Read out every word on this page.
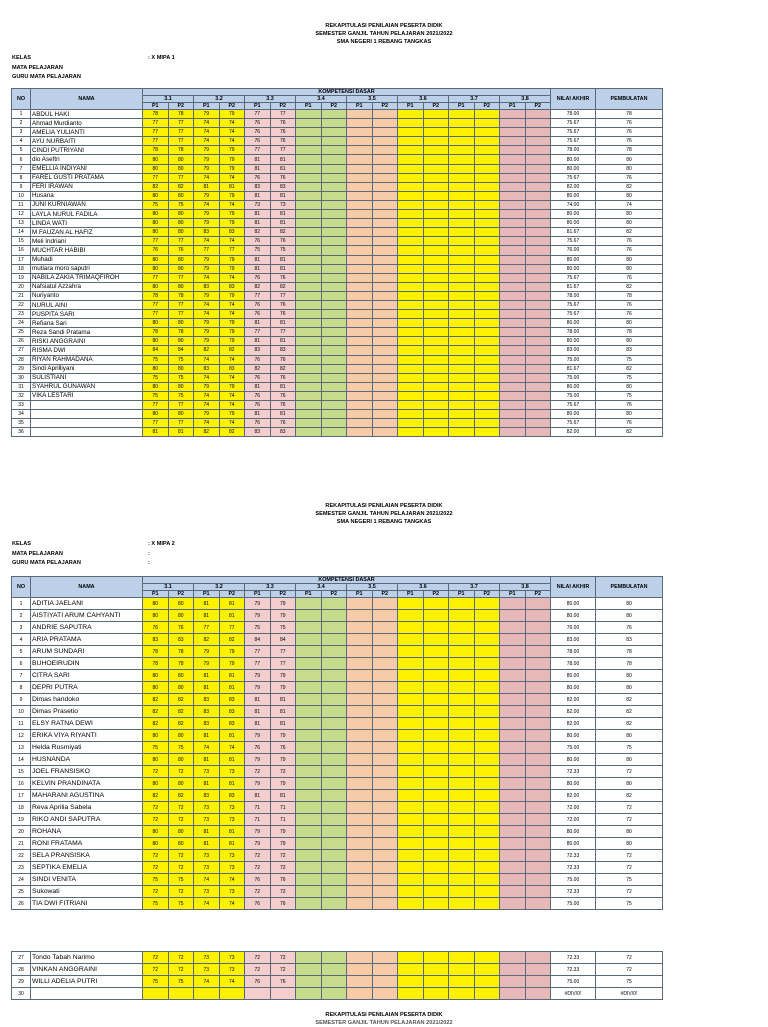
REKAPITULASI PENILAIAN PESERTA DIDIK
SEMESTER GANJIL TAHUN PELAJARAN 2021/2022
SMA NEGERI 1 REBANG TANGKAS
KELAS	: X MIPA 1
MATA PELAJARAN
GURU MATA PELAJARAN
NO	NAMA	KOMPETENSI DASAR																NILAI AKHIR	PEMBULATAN
		3.1		3.2		3.3		3.4		3.5		3.6		3.7		3.8			
		P1	P2	P1	P2	P1	P2	P1	P2	P1	P2	P1	P2	P1	P2	P1	P2		
1	ABDUL HAKI	78	78	79	79	77	77											78.00	78
2	Ahmad Murdianto	77	77	74	74	76	76											75.67	76
3	AMELIA YULIANTI	77	77	74	74	76	76											75.67	76
4	AYU NURBAITI	77	77	74	74	76	76											75.67	76
5	CINDI PUTRIYANI	78	78	79	79	77	77											78.00	78
6	dio Aseftri	80	80	79	79	81	81											80.00	80
7	EMELLIA INDIYANI	80	80	79	79	81	81											80.00	80
8	FAREL GUSTI PRATAMA	77	77	74	74	76	76											75.67	76
9	FERI IRAWAN	82	82	81	81	83	83											82.00	82
10	Husana	80	80	79	79	81	81											80.00	80
11	JUNI KURNIAWAN	75	75	74	74	73	73											74.00	74
12	LAYLA NURUL FADILA	80	80	79	79	81	81											80.00	80
13	LINDA WATI	80	80	79	79	81	81											80.00	80
14	M FAUZAN AL HAFIZ	80	80	83	83	82	82											81.67	82
15	Meli Indriani	77	77	74	74	76	76											75.67	76
16	MUCHTAR HABIBI	76	76	77	77	75	75											76.00	76
17	Muhadi	80	80	79	79	81	81											80.00	80
18	mutiara moro saputri	80	80	79	79	81	81											80.00	80
19	NABILA ZAKIA TRIMAQFIROH	77	77	74	74	76	76											75.67	76
20	Nafsiatul Azzahra	80	80	83	83	82	82											81.67	82
21	Nuriyanto	78	78	79	79	77	77											78.00	78
22	NURUL AINI	77	77	74	74	76	76											75.67	76
23	PUSPITA SARI	77	77	74	74	76	76											75.67	76
24	Refiana Sari	80	80	79	79	81	81											80.00	80
25	Reza Sandi Pratama	78	78	79	79	77	77											78.00	78
26	RISKI ANGGRAINI	80	80	79	79	81	81											80.00	80
27	RISMA DWI	84	84	82	82	83	83											83.00	83
28	RIYAN RAHMADANA	75	75	74	74	76	76											75.00	75
29	Sindi Aprilliyani	80	80	83	83	82	82											81.67	82
30	SULISTIANI	75	75	74	74	76	76											75.00	75
31	SYAHRUL GUNAWAN	80	80	79	79	81	81											80.00	80
32	VIKA LESTARI	75	75	74	74	76	76											75.00	75
33		77	77	74	74	76	76											75.67	76
34		80	80	79	79	81	81											80.00	80
35		77	77	74	74	76	76											75.67	76
36		81	81	82	82	83	83											82.00	82
REKAPITULASI PENILAIAN PESERTA DIDIK
SEMESTER GANJIL TAHUN PELAJARAN 2021/2022
SMA NEGERI 1 REBANG TANGKAS
KELAS	: X MIPA 2
MATA PELAJARAN	:
GURU MATA PELAJARAN	:
NO	NAMA	KOMPETENSI DASAR																NILAI AKHIR	PEMBULATAN
		3.1		3.2		3.3		3.4		3.5		3.6		3.7		3.8			
		P1	P2	P1	P2	P1	P2	P1	P2	P1	P2	P1	P2	P1	P2	P1	P2		
1	ADITIA JAELANI	80	80	81	81	79	79											80.00	80
2	AISTIYATI ARUM CAHYANTI	80	80	81	81	79	79											80.00	80
3	ANDRIE SAPUTRA	76	76	77	77	75	75											76.00	76
4	ARIA PRATAMA	83	83	82	82	84	84											83.00	83
5	ARUM SUNDARI	78	78	79	79	77	77											78.00	78
6	BUHOEIRUDIN	78	78	79	79	77	77											78.00	78
7	CITRA SARI	80	80	81	81	79	79											80.00	80
8	DEPRI PUTRA	80	80	81	81	79	79											80.00	80
9	Dimas handoko	82	82	83	83	81	81											82.00	82
10	Dimas Prasetio	82	82	83	83	81	81											82.00	82
11	ELSY RATNA DEWI	82	82	83	83	81	81											82.00	82
12	ERIKA VIYA RIYANTI	80	80	81	81	79	79											80.00	80
13	Helda Rusmiyati	75	75	74	74	76	76											75.00	75
14	HUSNANDA	80	80	81	81	79	79											80.00	80
15	JOEL FRANSISKO	72	72	73	73	72	72											72.33	72
16	KELVIN PRANDINATA	80	80	81	81	79	79											80.00	80
17	MAHARANI AGUSTINA	82	82	83	83	81	81											82.00	82
18	Reva Aprilia Sabela	72	72	73	73	71	71											72.00	72
19	RIKO ANDI SAPUTRA	72	72	73	73	71	71											72.00	72
20	ROHANA	80	80	81	81	79	79											80.00	80
21	RONI FRATAMA	80	80	81	81	79	79											80.00	80
22	SELA PRANSISKA	72	72	73	73	72	72											72.33	72
23	SEPTIKA EMELIA	72	72	73	73	72	72											72.33	72
24	SINDI VENITA	75	75	74	74	76	76											75.00	75
25	Sukowati	72	72	73	73	72	72											72.33	72
26	TIA DWI FITRIANI	75	75	74	74	76	76											75.00	75
27	Tondo Tabah Narimo	72	72	73	73	72	72											72.33	72
28	VINKAN ANGGRAINI	72	72	73	73	72	72											72.33	72
29	WILLI ADELIA PUTRI	75	75	74	74	76	76											75.00	75
30																		#DIV/0!	#DIV/0!
REKAPITULASI PENILAIAN PESERTA DIDIK
SEMESTER GANJIL TAHUN PELAJARAN 2021/2022
